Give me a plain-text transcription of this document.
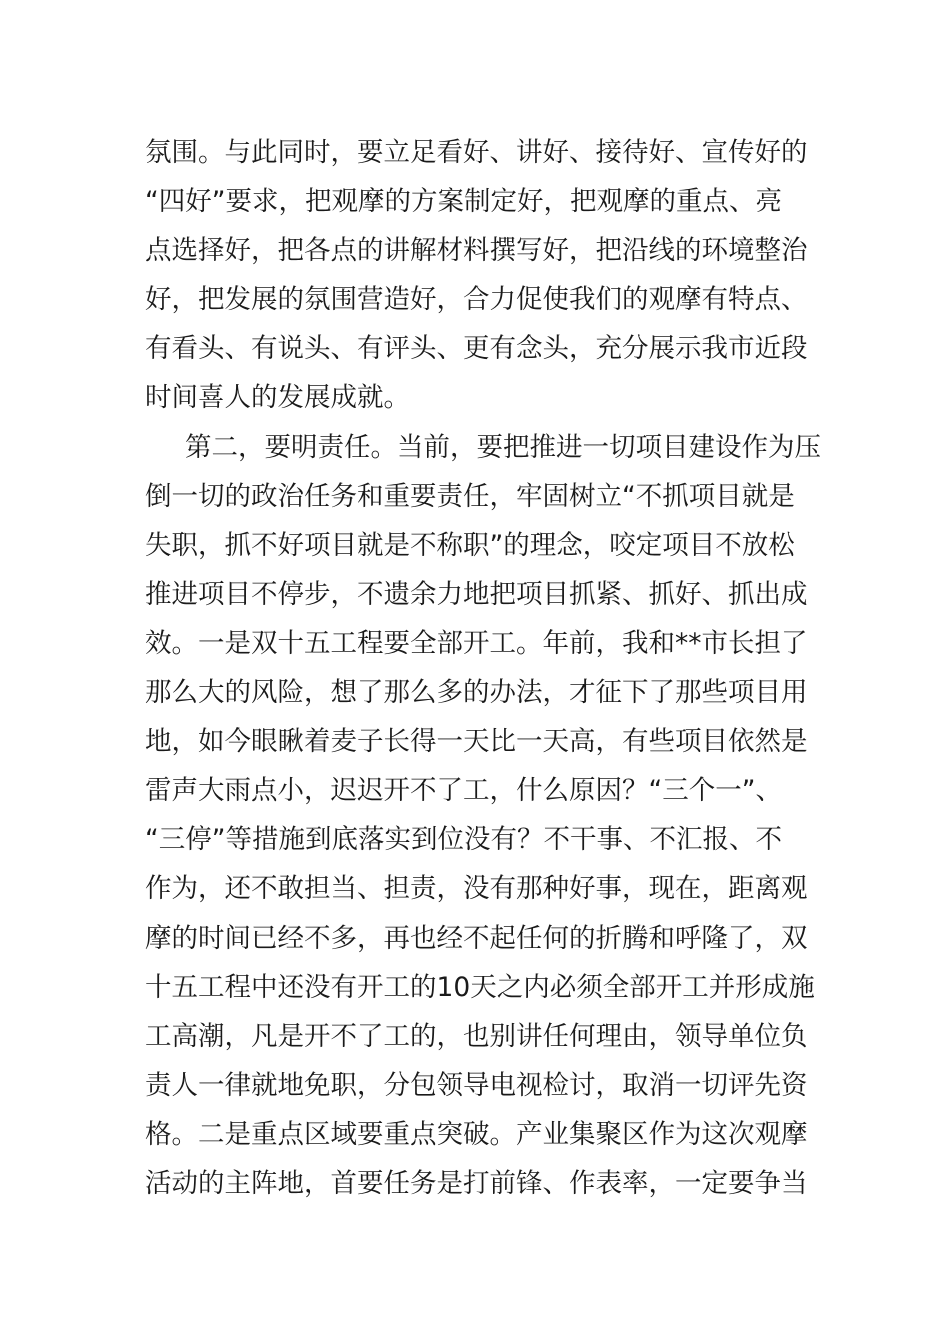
氛围。与此同时，要立足看好、讲好、接待好、宣传好的
“四好”要求，把观摩的方案制定好，把观摩的重点、亮
点选择好，把各点的讲解材料撰写好，把沿线的环境整治
好，把发展的氛围营造好，合力促使我们的观摩有特点、
有看头、有说头、有评头、更有念头，充分展示我市近段
时间喜人的发展成就。
第二，要明责任。当前，要把推进一切项目建设作为压
倒一切的政治任务和重要责任，牢固树立“不抓项目就是
失职，抓不好项目就是不称职”的理念，咬定项目不放松
推进项目不停步，不遗余力地把项目抓紧、抓好、抓出成
效。一是双十五工程要全部开工。年前，我和**市长担了
那么大的风险，想了那么多的办法，才征下了那些项目用
地，如今眼瞅着麦子长得一天比一天高，有些项目依然是
雷声大雨点小，迟迟开不了工，什么原因？“三个一”、
“三停”等措施到底落实到位没有？不干事、不汇报、不
作为，还不敢担当、担责，没有那种好事，现在，距离观
摩的时间已经不多，再也经不起任何的折腾和呼隆了，双
十五工程中还没有开工的10天之内必须全部开工并形成施
工高潮，凡是开不了工的，也别讲任何理由，领导单位负
责人一律就地免职，分包领导电视检讨，取消一切评先资
格。二是重点区域要重点突破。产业集聚区作为这次观摩
活动的主阵地，首要任务是打前锋、作表率，一定要争当
